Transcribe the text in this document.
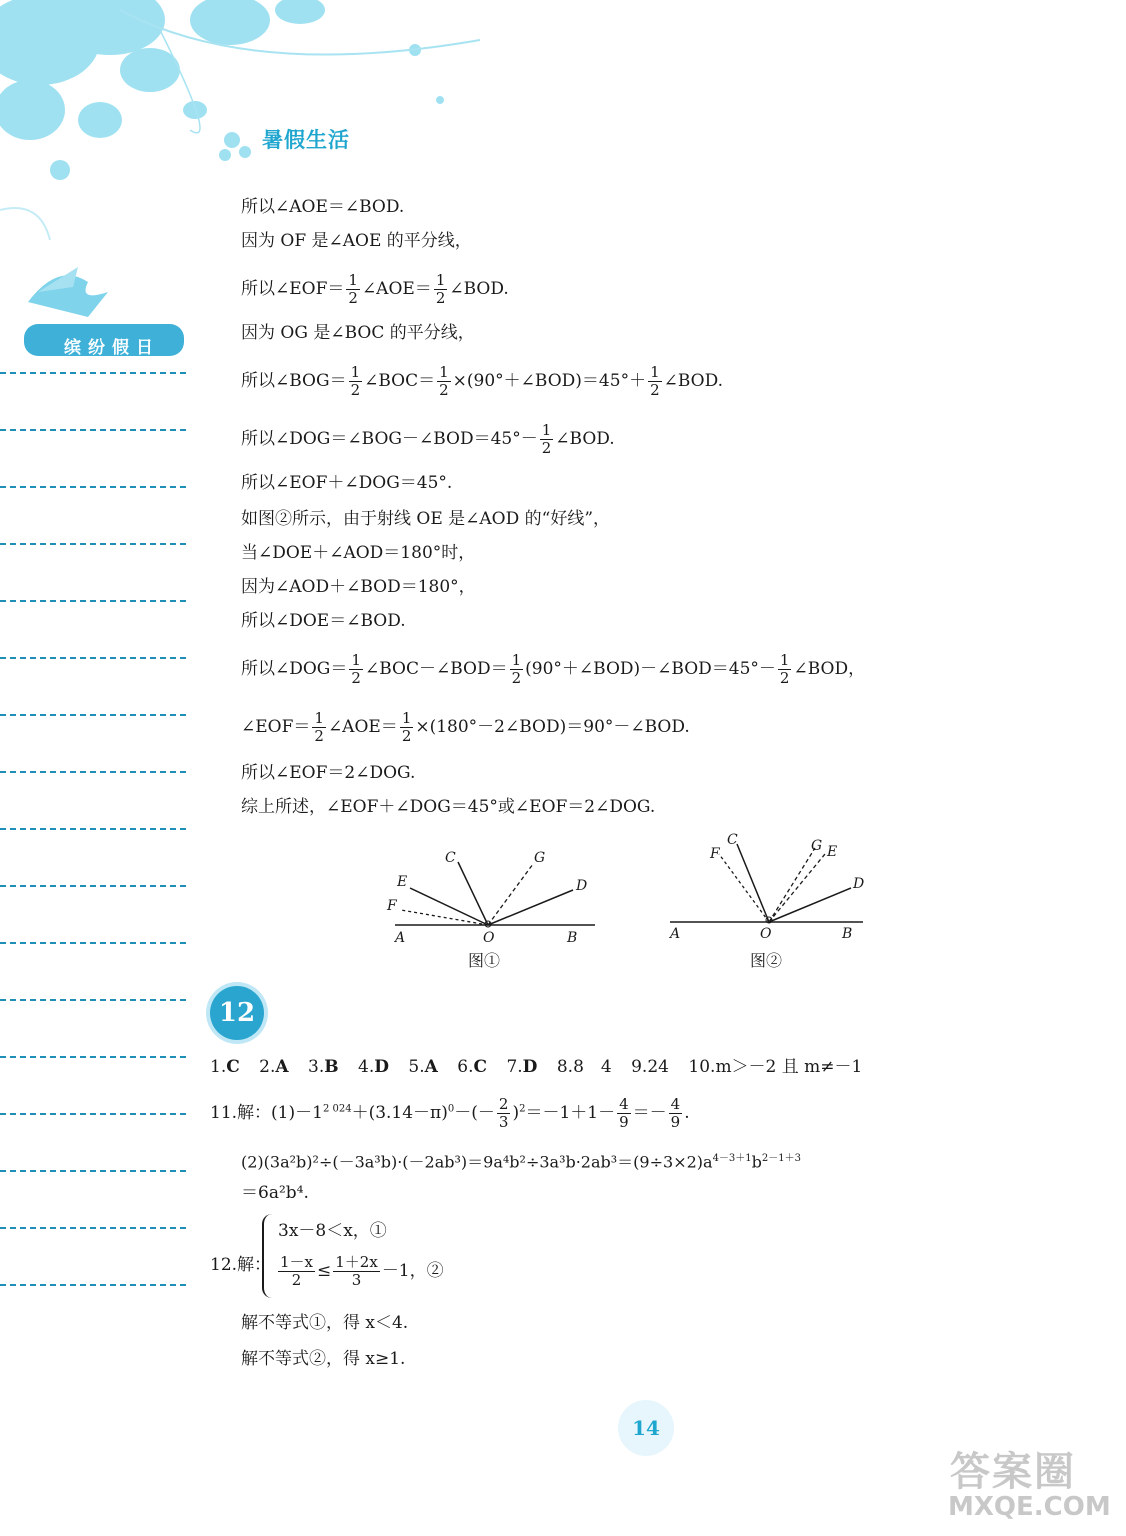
暑假生活
缤纷假日
所以∠AOE＝∠BOD.
因为 OF 是∠AOE 的平分线，
所以∠EOF＝ $\frac{1}{2}$ ∠AOE＝ $\frac{1}{2}$ ∠BOD.
因为 OG 是∠BOC 的平分线，
所以∠BOG＝ $\frac{1}{2}$ ∠BOC＝ $\frac{1}{2}$ ×(90°＋∠BOD)＝45°＋ $\frac{1}{2}$ ∠BOD.
所以∠DOG＝∠BOG－∠BOD＝45°－ $\frac{1}{2}$ ∠BOD.
所以∠EOF＋∠DOG＝45°.
如图②所示，由于射线 OE 是∠AOD 的“好线”，
当∠DOE＋∠AOD＝180°时，
因为∠AOD＋∠BOD＝180°，
所以∠DOE＝∠BOD.
所以∠DOG＝ $\frac{1}{2}$ ∠BOC－∠BOD＝ $\frac{1}{2}$ (90°＋∠BOD)－∠BOD＝45°－ $\frac{1}{2}$ ∠BOD，
∠EOF＝ $\frac{1}{2}$ ∠AOE＝ $\frac{1}{2}$ ×(180°－2∠BOD)＝90°－∠BOD.
所以∠EOF＝2∠DOG.
综上所述，∠EOF＋∠DOG＝45°或∠EOF＝2∠DOG.
C	G
E	D
F
A	O	B
图①
C
F	G E
D
A	O	B
图②
12
1.C 2.A 3.B 4.D 5.A 6.C 7.D 8.8　4 9.24 10.m＞－2 且 m≠－1
11.解：$(1)-1^{2 024}+(3.14-\pi)^0-(- \frac{2}{3} )^2=-1+1- \frac{4}{9} =- \frac{4}{9}$ .
$(2)(3a^2b)^2\div(-3a^3b)\cdot(-2ab^3)=9a^4b^2\div 3a^3b\cdot 2ab^3=(9\div 3\times 2)a^{4-3+1}b^{2-1+3}$
＝6a²b⁴.
12.解：
3x－8＜x，①
$\frac{1-x}{2} \le \frac{1+2x}{3} -1$，②
解不等式①，得 x＜4.
解不等式②，得 x≥1.
14
答案圈
MXQE.COM
